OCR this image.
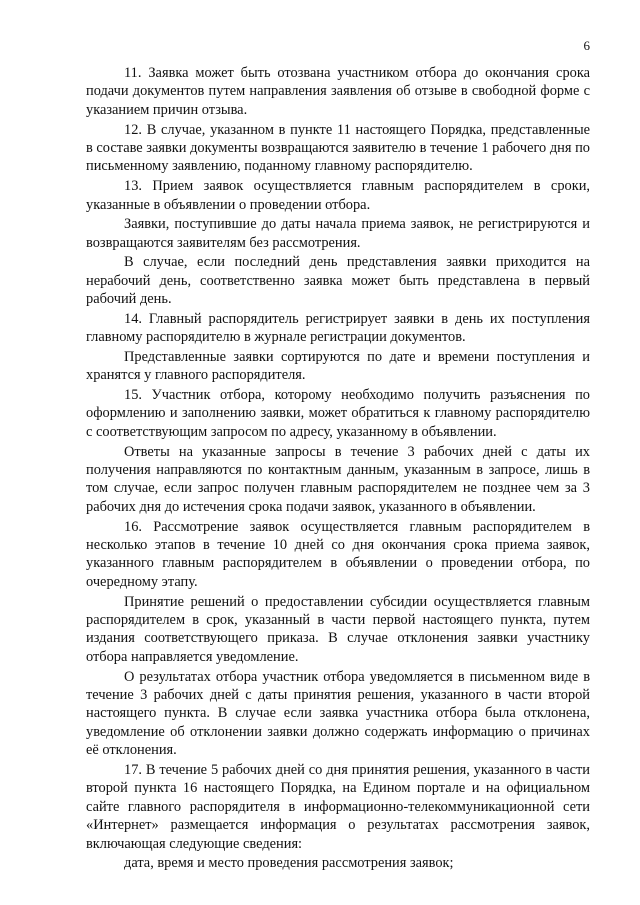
6

11. Заявка может быть отозвана участником отбора до окончания срока подачи документов путем направления заявления об отзыве в свободной форме с указанием причин отзыва.

12. В случае, указанном в пункте 11 настоящего Порядка, представленные в составе заявки документы возвращаются заявителю в течение 1 рабочего дня по письменному заявлению, поданному главному распорядителю.

13. Прием заявок осуществляется главным распорядителем в сроки, указанные в объявлении о проведении отбора.

Заявки, поступившие до даты начала приема заявок, не регистрируются и возвращаются заявителям без рассмотрения.

В случае, если последний день представления заявки приходится на нерабочий день, соответственно заявка может быть представлена в первый рабочий день.

14. Главный распорядитель регистрирует заявки в день их поступления главному распорядителю в журнале регистрации документов.

Представленные заявки сортируются по дате и времени поступления и хранятся у главного распорядителя.

15. Участник отбора, которому необходимо получить разъяснения по оформлению и заполнению заявки, может обратиться к главному распорядителю с соответствующим запросом по адресу, указанному в объявлении.

Ответы на указанные запросы в течение 3 рабочих дней с даты их получения направляются по контактным данным, указанным в запросе, лишь в том случае, если запрос получен главным распорядителем не позднее чем за 3 рабочих дня до истечения срока подачи заявок, указанного в объявлении.

16. Рассмотрение заявок осуществляется главным распорядителем в несколько этапов в течение 10 дней со дня окончания срока приема заявок, указанного главным распорядителем в объявлении о проведении отбора, по очередному этапу.

Принятие решений о предоставлении субсидии осуществляется главным распорядителем в срок, указанный в части первой настоящего пункта, путем издания соответствующего приказа. В случае отклонения заявки участнику отбора направляется уведомление.

О результатах отбора участник отбора уведомляется в письменном виде в течение 3 рабочих дней с даты принятия решения, указанного в части второй настоящего пункта. В случае если заявка участника отбора была отклонена, уведомление об отклонении заявки должно содержать информацию о причинах её отклонения.

17. В течение 5 рабочих дней со дня принятия решения, указанного в части второй пункта 16 настоящего Порядка, на Едином портале и на официальном сайте главного распорядителя в информационно-телекоммуникационной сети «Интернет» размещается информация о результатах рассмотрения заявок, включающая следующие сведения:

дата, время и место проведения рассмотрения заявок;
